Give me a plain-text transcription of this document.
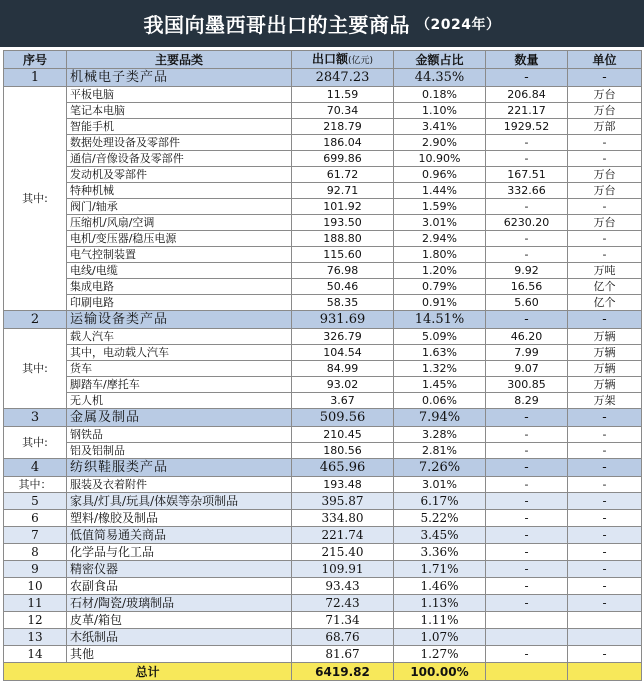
我国向墨西哥出口的主要商品 （2024年）
序号	主要品类	出口额(亿元)	金额占比	数量	单位
1	机械电子类产品	2847.23	44.35%	-	-
其中:	平板电脑	11.59	0.18%	206.84	万台
	笔记本电脑	70.34	1.10%	221.17	万台
	智能手机	218.79	3.41%	1929.52	万部
	数据处理设备及零部件	186.04	2.90%	-	-
	通信/音像设备及零部件	699.86	10.90%	-	-
	发动机及零部件	61.72	0.96%	167.51	万台
	特种机械	92.71	1.44%	332.66	万台
	阀门/轴承	101.92	1.59%	-	-
	压缩机/风扇/空调	193.50	3.01%	6230.20	万台
	电机/变压器/稳压电源	188.80	2.94%	-	-
	电气控制装置	115.60	1.80%	-	-
	电线/电缆	76.98	1.20%	9.92	万吨
	集成电路	50.46	0.79%	16.56	亿个
	印刷电路	58.35	0.91%	5.60	亿个
2	运输设备类产品	931.69	14.51%	-	-
其中:	载人汽车	326.79	5.09%	46.20	万辆
	其中，电动载人汽车	104.54	1.63%	7.99	万辆
	货车	84.99	1.32%	9.07	万辆
	脚踏车/摩托车	93.02	1.45%	300.85	万辆
	无人机	3.67	0.06%	8.29	万架
3	金属及制品	509.56	7.94%	-	-
其中:	钢铁品	210.45	3.28%	-	-
	铝及铝制品	180.56	2.81%	-	-
4	纺织鞋服类产品	465.96	7.26%	-	-
其中：	服装及衣着附件	193.48	3.01%	-	-
5	家具/灯具/玩具/体娱等杂项制品	395.87	6.17%	-	-
6	塑料/橡胶及制品	334.80	5.22%	-	-
7	低值简易通关商品	221.74	3.45%	-	-
8	化学品与化工品	215.40	3.36%	-	-
9	精密仪器	109.91	1.71%	-	-
10	农副食品	93.43	1.46%	-	-
11	石材/陶瓷/玻璃制品	72.43	1.13%	-	-
12	皮革/箱包	71.34	1.11%		
13	木纸制品	68.76	1.07%		
14	其他	81.67	1.27%	-	-
总计		6419.82	100.00%		
